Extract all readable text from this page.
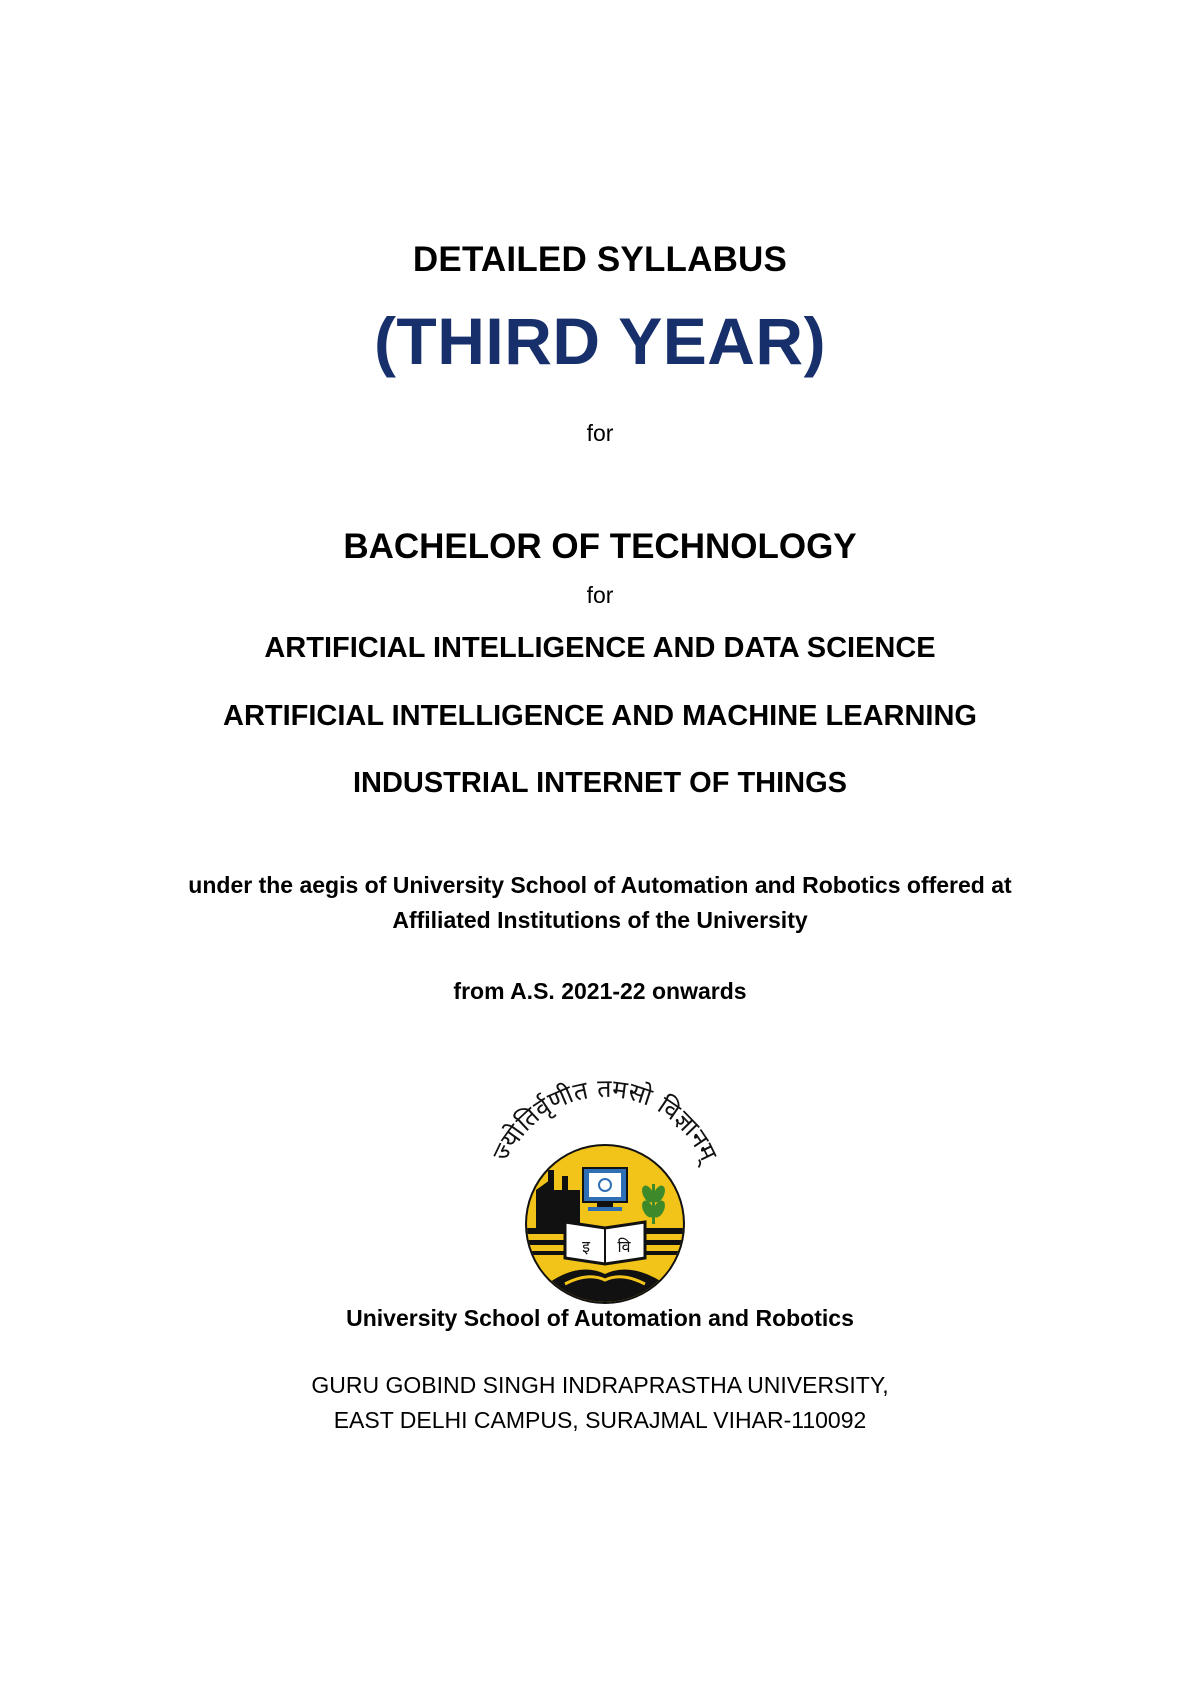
DETAILED SYLLABUS
(THIRD YEAR)
for
BACHELOR OF TECHNOLOGY
for
ARTIFICIAL INTELLIGENCE AND DATA SCIENCE
ARTIFICIAL INTELLIGENCE AND MACHINE LEARNING
INDUSTRIAL INTERNET OF THINGS
under the aegis of University School of Automation and Robotics offered at
Affiliated Institutions of the University
from A.S. 2021-22 onwards
ज्योतिर्वृणीत तमसो विज्ञानम्
इ वि
University School of Automation and Robotics
GURU GOBIND SINGH INDRAPRASTHA UNIVERSITY,
EAST DELHI CAMPUS, SURAJMAL VIHAR-110092
